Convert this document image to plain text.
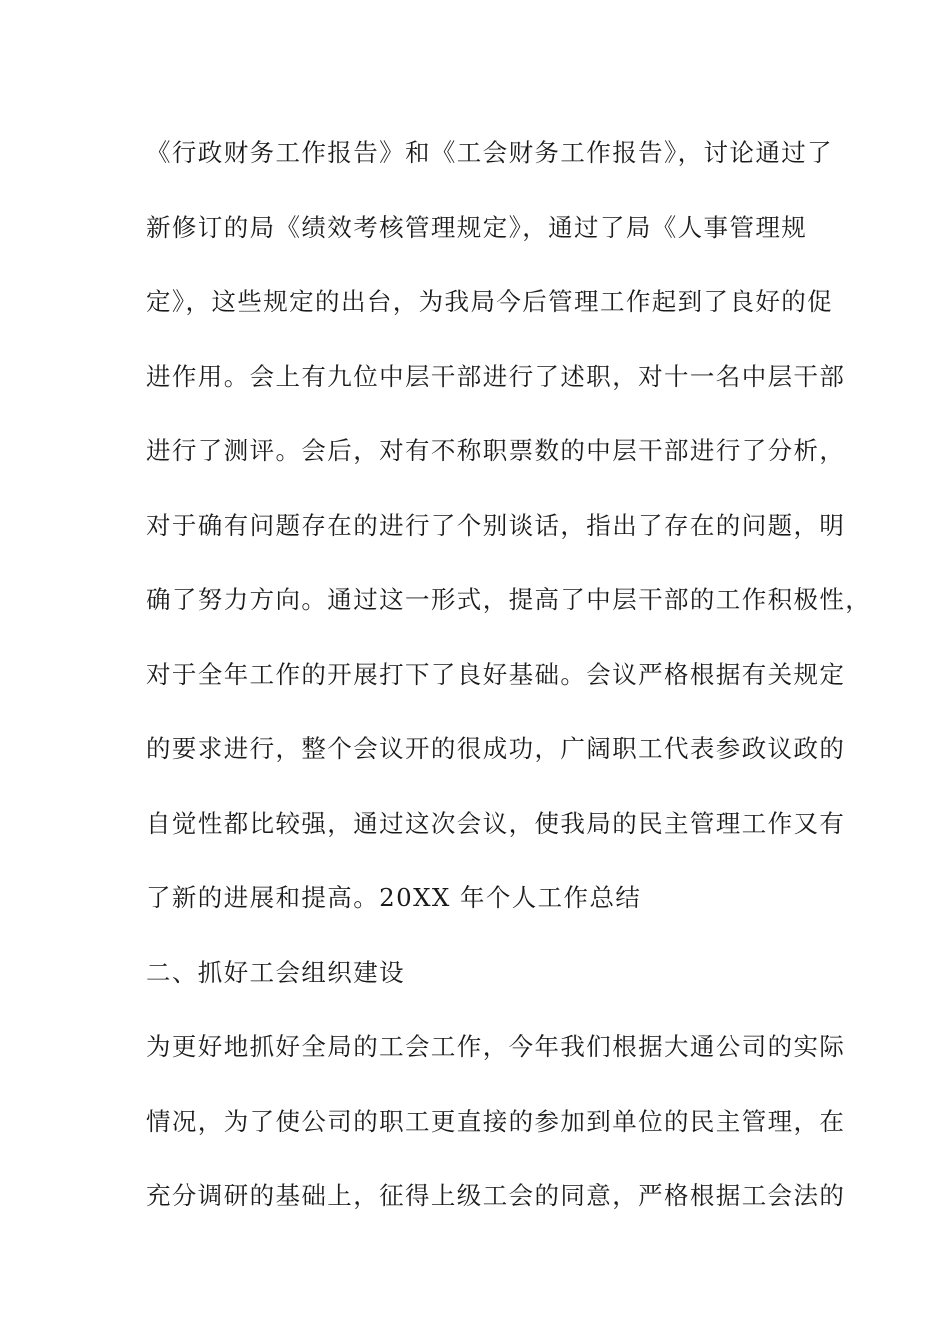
《行政财务工作报告》和《工会财务工作报告》，讨论通过了
新修订的局《绩效考核管理规定》，通过了局《人事管理规
定》，这些规定的出台，为我局今后管理工作起到了良好的促
进作用。会上有九位中层干部进行了述职，对十一名中层干部
进行了测评。会后，对有不称职票数的中层干部进行了分析，
对于确有问题存在的进行了个别谈话，指出了存在的问题，明
确了努力方向。通过这一形式，提高了中层干部的工作积极性，
对于全年工作的开展打下了良好基础。会议严格根据有关规定
的要求进行，整个会议开的很成功，广阔职工代表参政议政的
自觉性都比较强，通过这次会议，使我局的民主管理工作又有
了新的进展和提高。20XX 年个人工作总结
二、抓好工会组织建设
为更好地抓好全局的工会工作，今年我们根据大通公司的实际
情况，为了使公司的职工更直接的参加到单位的民主管理，在
充分调研的基础上，征得上级工会的同意，严格根据工会法的
